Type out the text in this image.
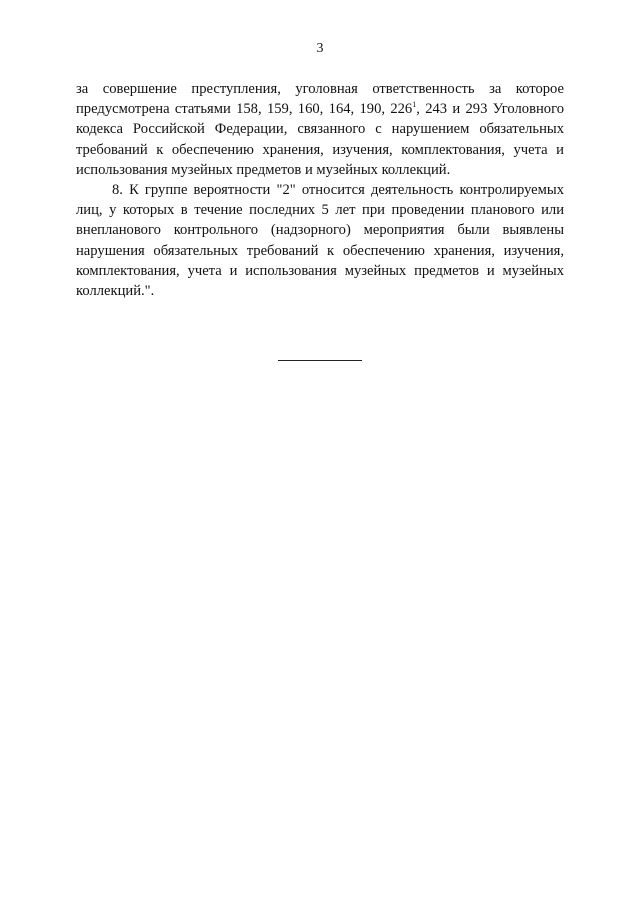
3

за совершение преступления, уголовная ответственность за которое предусмотрена статьями 158, 159, 160, 164, 190, $226^1$, 243 и 293 Уголовного кодекса Российской Федерации, связанного с нарушением обязательных требований к обеспечению хранения, изучения, комплектования, учета и использования музейных предметов и музейных коллекций.

8. К группе вероятности "2" относится деятельность контролируемых лиц, у которых в течение последних 5 лет при проведении планового или внепланового контрольного (надзорного) мероприятия были выявлены нарушения обязательных требований к обеспечению хранения, изучения, комплектования, учета и использования музейных предметов и музейных коллекций.".
